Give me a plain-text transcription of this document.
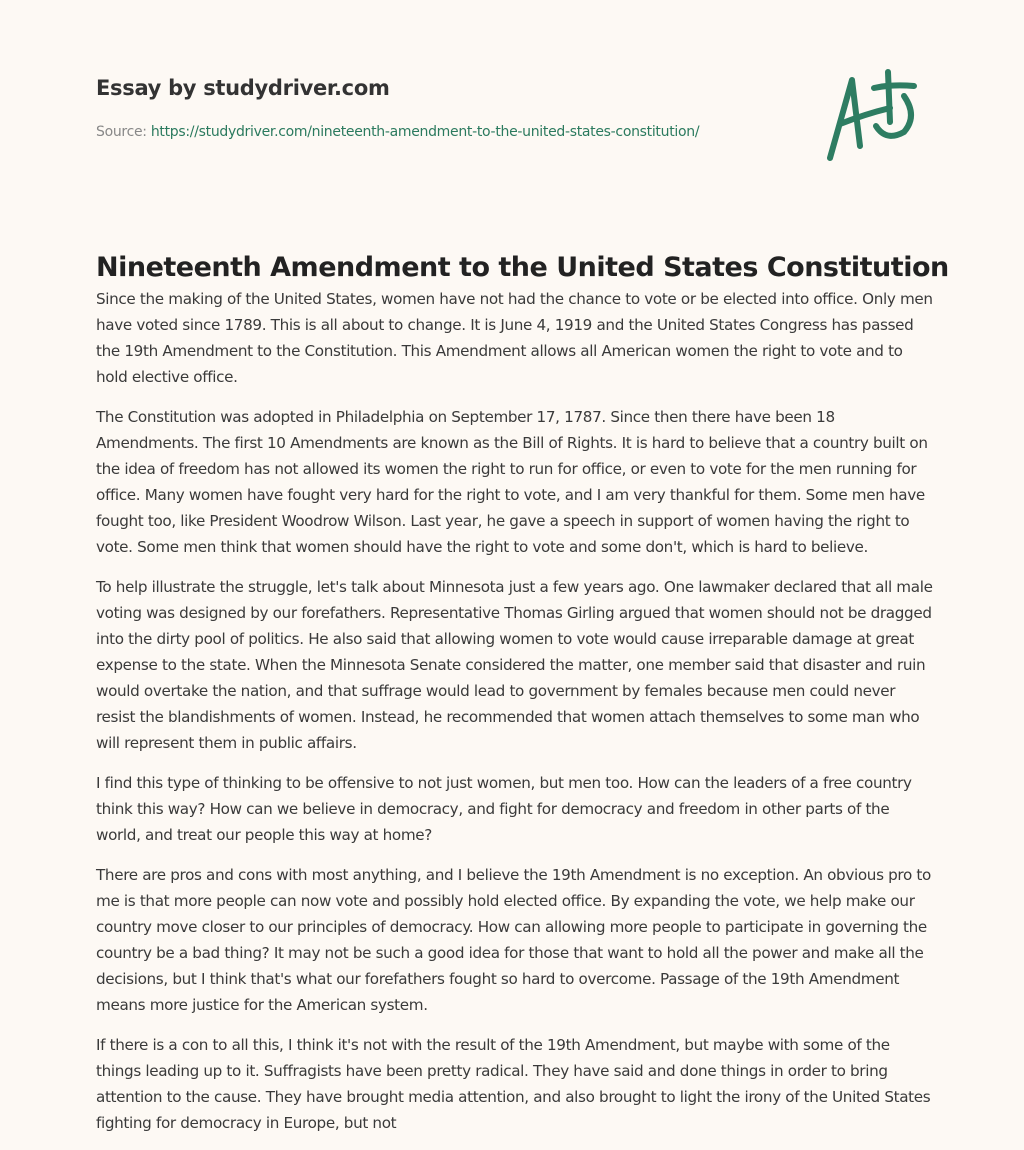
Essay by studydriver.com
Source: https://studydriver.com/nineteenth-amendment-to-the-united-states-constitution/
Nineteenth Amendment to the United States Constitution

Since the making of the United States, women have not had the chance to vote or be elected into office. Only men have voted since 1789. This is all about to change. It is June 4, 1919 and the United States Congress has passed the 19th Amendment to the Constitution. This Amendment allows all American women the right to vote and to hold elective office.

The Constitution was adopted in Philadelphia on September 17, 1787. Since then there have been 18 Amendments. The first 10 Amendments are known as the Bill of Rights. It is hard to believe that a country built on the idea of freedom has not allowed its women the right to run for office, or even to vote for the men running for office. Many women have fought very hard for the right to vote, and I am very thankful for them. Some men have fought too, like President Woodrow Wilson. Last year, he gave a speech in support of women having the right to vote. Some men think that women should have the right to vote and some don't, which is hard to believe.

To help illustrate the struggle, let's talk about Minnesota just a few years ago. One lawmaker declared that all male voting was designed by our forefathers. Representative Thomas Girling argued that women should not be dragged into the dirty pool of politics. He also said that allowing women to vote would cause irreparable damage at great expense to the state. When the Minnesota Senate considered the matter, one member said that disaster and ruin would overtake the nation, and that suffrage would lead to government by females because men could never resist the blandishments of women. Instead, he recommended that women attach themselves to some man who will represent them in public affairs.

I find this type of thinking to be offensive to not just women, but men too. How can the leaders of a free country think this way? How can we believe in democracy, and fight for democracy and freedom in other parts of the world, and treat our people this way at home?

There are pros and cons with most anything, and I believe the 19th Amendment is no exception. An obvious pro to me is that more people can now vote and possibly hold elected office. By expanding the vote, we help make our country move closer to our principles of democracy. How can allowing more people to participate in governing the country be a bad thing? It may not be such a good idea for those that want to hold all the power and make all the decisions, but I think that's what our forefathers fought so hard to overcome. Passage of the 19th Amendment means more justice for the American system.

If there is a con to all this, I think it's not with the result of the 19th Amendment, but maybe with some of the things leading up to it. Suffragists have been pretty radical. They have said and done things in order to bring attention to the cause. They have brought media attention, and also brought to light the irony of the United States fighting for democracy in Europe, but not
